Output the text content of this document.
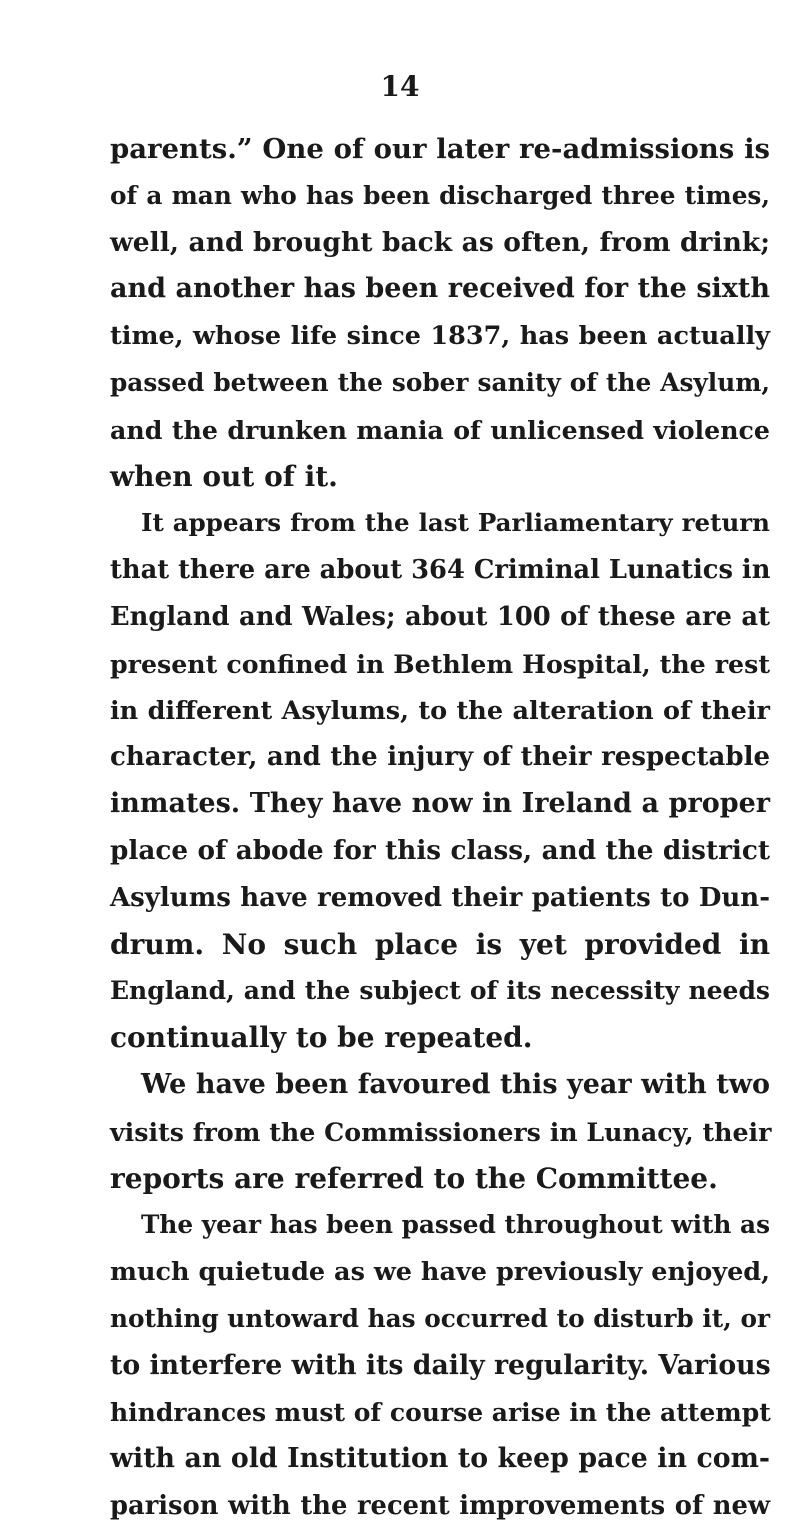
14
parents.” One of our later re-admissions is
of a man who has been discharged three times,
well, and brought back as often, from drink;
and another has been received for the sixth
time, whose life since 1837, has been actually
passed between the sober sanity of the Asylum,
and the drunken mania of unlicensed violence
when out of it.
It appears from the last Parliamentary return
that there are about 364 Criminal Lunatics in
England and Wales; about 100 of these are at
present confined in Bethlem Hospital, the rest
in different Asylums, to the alteration of their
character, and the injury of their respectable
inmates. They have now in Ireland a proper
place of abode for this class, and the district
Asylums have removed their patients to Dun-
drum. No such place is yet provided in
England, and the subject of its necessity needs
continually to be repeated.
We have been favoured this year with two
visits from the Commissioners in Lunacy, their
reports are referred to the Committee.
The year has been passed throughout with as
much quietude as we have previously enjoyed,
nothing untoward has occurred to disturb it, or
to interfere with its daily regularity. Various
hindrances must of course arise in the attempt
with an old Institution to keep pace in com-
parison with the recent improvements of new
